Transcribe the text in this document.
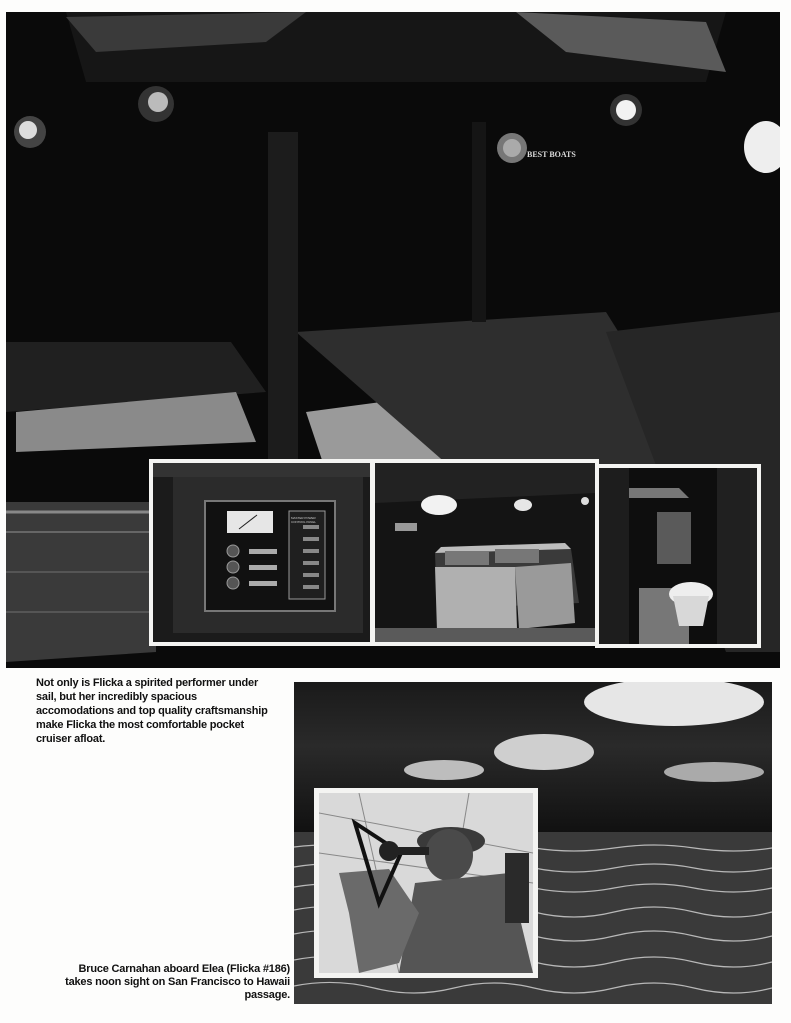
BEST BOATS
MASTER POWER CONTROL PANEL

Not only is Flicka a spirited performer under sail, but her incredibly spacious accomodations and top quality craftsmanship make Flicka the most comfortable pocket cruiser afloat.

Bruce Carnahan aboard Elea (Flicka #186) takes noon sight on San Francisco to Hawaii passage.
